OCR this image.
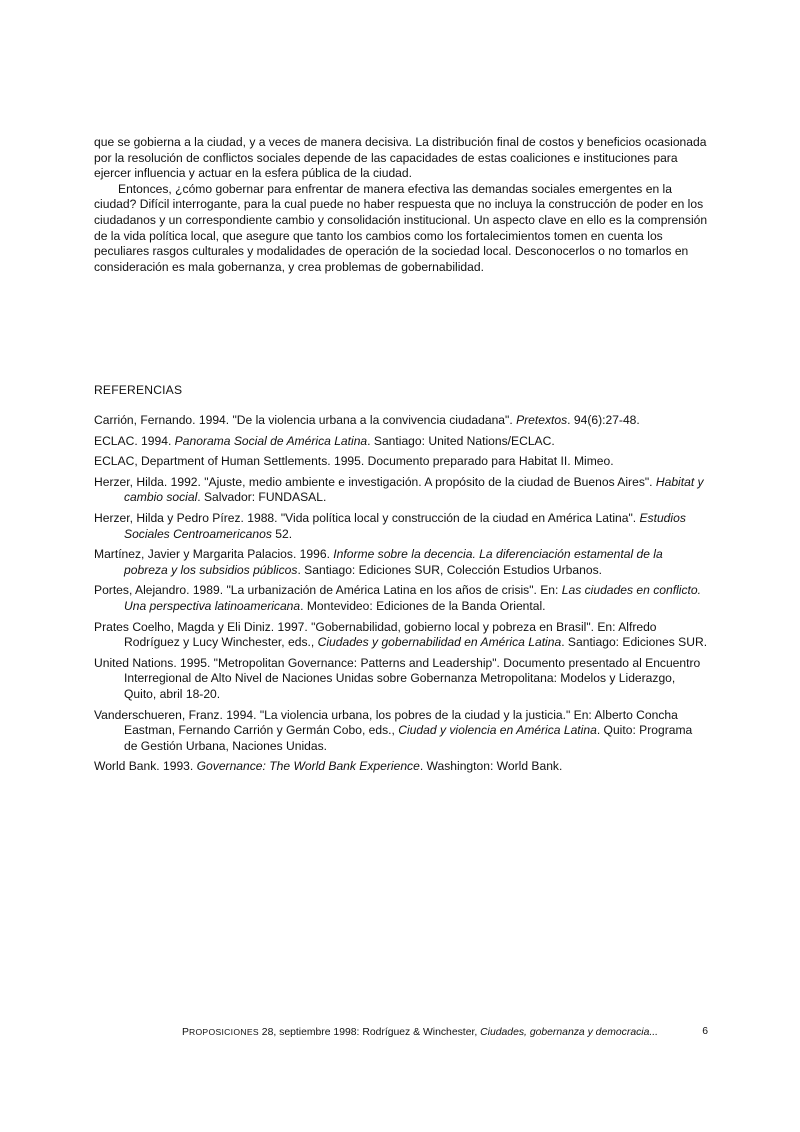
que se gobierna a la ciudad, y a veces de manera decisiva. La distribución final de costos y beneficios ocasionada por la resolución de conflictos sociales depende de las capacidades de estas coaliciones e instituciones para ejercer influencia y actuar en la esfera pública de la ciudad.

Entonces, ¿cómo gobernar para enfrentar de manera efectiva las demandas sociales emergentes en la ciudad? Difícil interrogante, para la cual puede no haber respuesta que no incluya la construcción de poder en los ciudadanos y un correspondiente cambio y consolidación institucional. Un aspecto clave en ello es la comprensión de la vida política local, que asegure que tanto los cambios como los fortalecimientos tomen en cuenta los peculiares rasgos culturales y modalidades de operación de la sociedad local. Desconocerlos o no tomarlos en consideración es mala gobernanza, y crea problemas de gobernabilidad.

REFERENCIAS

Carrión, Fernando. 1994. "De la violencia urbana a la convivencia ciudadana". Pretextos. 94(6):27-48.

ECLAC. 1994. Panorama Social de América Latina. Santiago: United Nations/ECLAC.

ECLAC, Department of Human Settlements. 1995. Documento preparado para Habitat II. Mimeo.

Herzer, Hilda. 1992. "Ajuste, medio ambiente e investigación. A propósito de la ciudad de Buenos Aires". Habitat y cambio social. Salvador: FUNDASAL.

Herzer, Hilda y Pedro Pírez. 1988. "Vida política local y construcción de la ciudad en América Latina". Estudios Sociales Centroamericanos 52.

Martínez, Javier y Margarita Palacios. 1996. Informe sobre la decencia. La diferenciación estamental de la pobreza y los subsidios públicos. Santiago: Ediciones SUR, Colección Estudios Urbanos.

Portes, Alejandro. 1989. "La urbanización de América Latina en los años de crisis". En: Las ciudades en conflicto. Una perspectiva latinoamericana. Montevideo: Ediciones de la Banda Oriental.

Prates Coelho, Magda y Eli Diniz. 1997. "Gobernabilidad, gobierno local y pobreza en Brasil". En: Alfredo Rodríguez y Lucy Winchester, eds., Ciudades y gobernabilidad en América Latina. Santiago: Ediciones SUR.

United Nations. 1995. "Metropolitan Governance: Patterns and Leadership". Documento presentado al Encuentro Interregional de Alto Nivel de Naciones Unidas sobre Gobernanza Metropolitana: Modelos y Liderazgo, Quito, abril 18-20.

Vanderschueren, Franz. 1994. "La violencia urbana, los pobres de la ciudad y la justicia." En: Alberto Concha Eastman, Fernando Carrión y Germán Cobo, eds., Ciudad y violencia en América Latina. Quito: Programa de Gestión Urbana, Naciones Unidas.

World Bank. 1993. Governance: The World Bank Experience. Washington: World Bank.

PROPOSICIONES 28, septiembre 1998: Rodríguez & Winchester, Ciudades, gobernanza y democracia...	6
